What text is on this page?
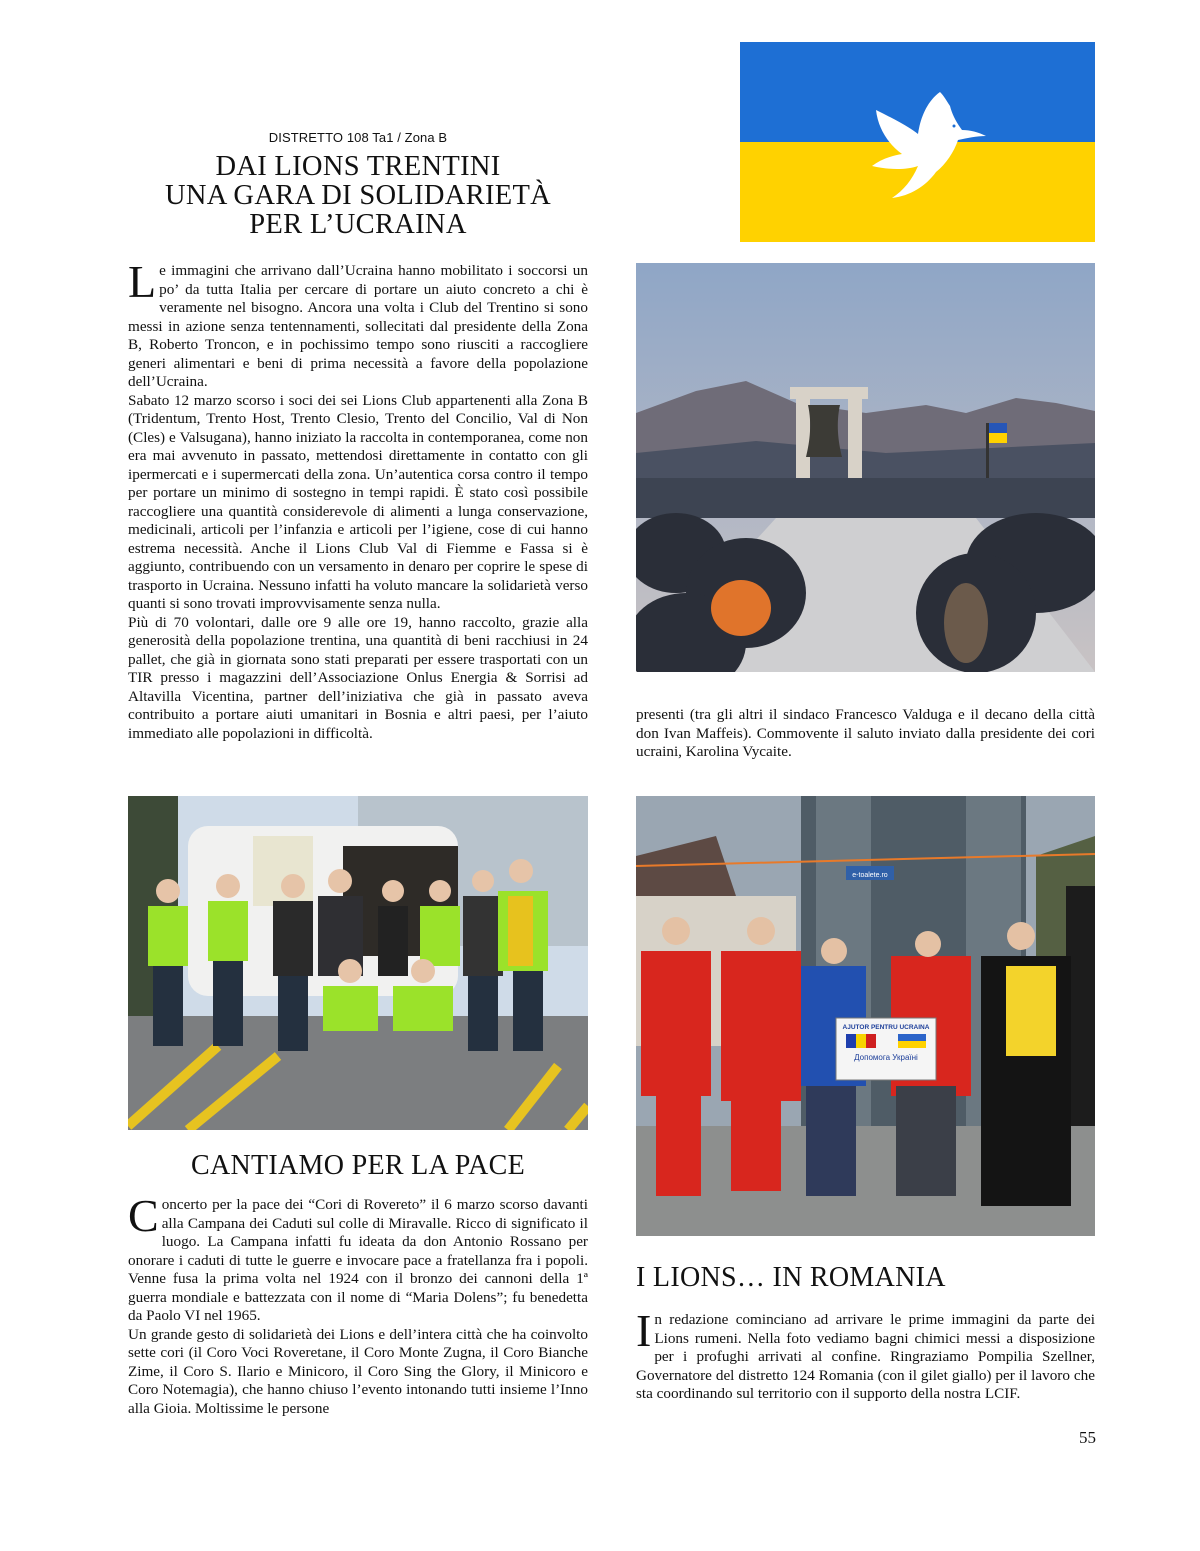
DISTRETTO 108 Ta1 / Zona B
DAI LIONS TRENTINI
UNA GARA DI SOLIDARIETÀ
PER L’UCRAINA

Le immagini che arrivano dall’Ucraina hanno mobilitato i soccorsi un po’ da tutta Italia per cercare di portare un aiuto concreto a chi è veramente nel bisogno. Ancora una volta i Club del Trentino si sono messi in azione senza tentennamenti, sollecitati dal presidente della Zona B, Roberto Troncon, e in pochissimo tempo sono riusciti a raccogliere generi alimentari e beni di prima necessità a favore della popolazione dell’Ucraina.

Sabato 12 marzo scorso i soci dei sei Lions Club appartenenti alla Zona B (Tridentum, Trento Host, Trento Clesio, Trento del Concilio, Val di Non (Cles) e Valsugana), hanno iniziato la raccolta in contemporanea, come non era mai avvenuto in passato, mettendosi direttamente in contatto con gli ipermercati e i supermercati della zona. Un’autentica corsa contro il tempo per portare un minimo di sostegno in tempi rapidi. È stato così possibile raccogliere una quantità considerevole di alimenti a lunga conservazione, medicinali, articoli per l’infanzia e articoli per l’igiene, cose di cui hanno estrema necessità. Anche il Lions Club Val di Fiemme e Fassa si è aggiunto, contribuendo con un versamento in denaro per coprire le spese di trasporto in Ucraina. Nessuno infatti ha voluto mancare la solidarietà verso quanti si sono trovati improvvisamente senza nulla.

Più di 70 volontari, dalle ore 9 alle ore 19, hanno raccolto, grazie alla generosità della popolazione trentina, una quantità di beni racchiusi in 24 pallet, che già in giornata sono stati preparati per essere trasportati con un TIR presso i magazzini dell’Associazione Onlus Energia & Sorrisi ad Altavilla Vicentina, partner dell’iniziativa che già in passato aveva contribuito a portare aiuti umanitari in Bosnia e altri paesi, per l’aiuto immediato alle popolazioni in difficoltà.

presenti (tra gli altri il sindaco Francesco Valduga e il decano della città don Ivan Maffeis). Commovente il saluto inviato dalla presidente dei cori ucraini, Karolina Vycaite.
CANTIAMO PER LA PACE

Concerto per la pace dei “Cori di Rovereto” il 6 marzo scorso davanti alla Campana dei Caduti sul colle di Miravalle. Ricco di significato il luogo. La Campana infatti fu ideata da don Antonio Rossano per onorare i caduti di tutte le guerre e invocare pace a fratellanza fra i popoli. Venne fusa la prima volta nel 1924 con il bronzo dei cannoni della 1ª guerra mondiale e battezzata con il nome di “Maria Dolens”; fu benedetta da Paolo VI nel 1965.

Un grande gesto di solidarietà dei Lions e dell’intera città che ha coinvolto sette cori (il Coro Voci Roveretane, il Coro Monte Zugna, il Coro Bianche Zime, il Coro S. Ilario e Minicoro, il Coro Sing the Glory, il Minicoro e Coro Notemagia), che hanno chiuso l’evento intonando tutti insieme l’Inno alla Gioia. Moltissime le persone

e-toalete.ro
AJUTOR PENTRU UCRAINA
Допомога Україні
I LIONS… IN ROMANIA

In redazione cominciano ad arrivare le prime immagini da parte dei Lions rumeni. Nella foto vediamo bagni chimici messi a disposizione per i profughi arrivati al confine. Ringraziamo Pompilia Szellner, Governatore del distretto 124 Romania (con il gilet giallo) per il lavoro che sta coordinando sul territorio con il supporto della nostra LCIF.

55
